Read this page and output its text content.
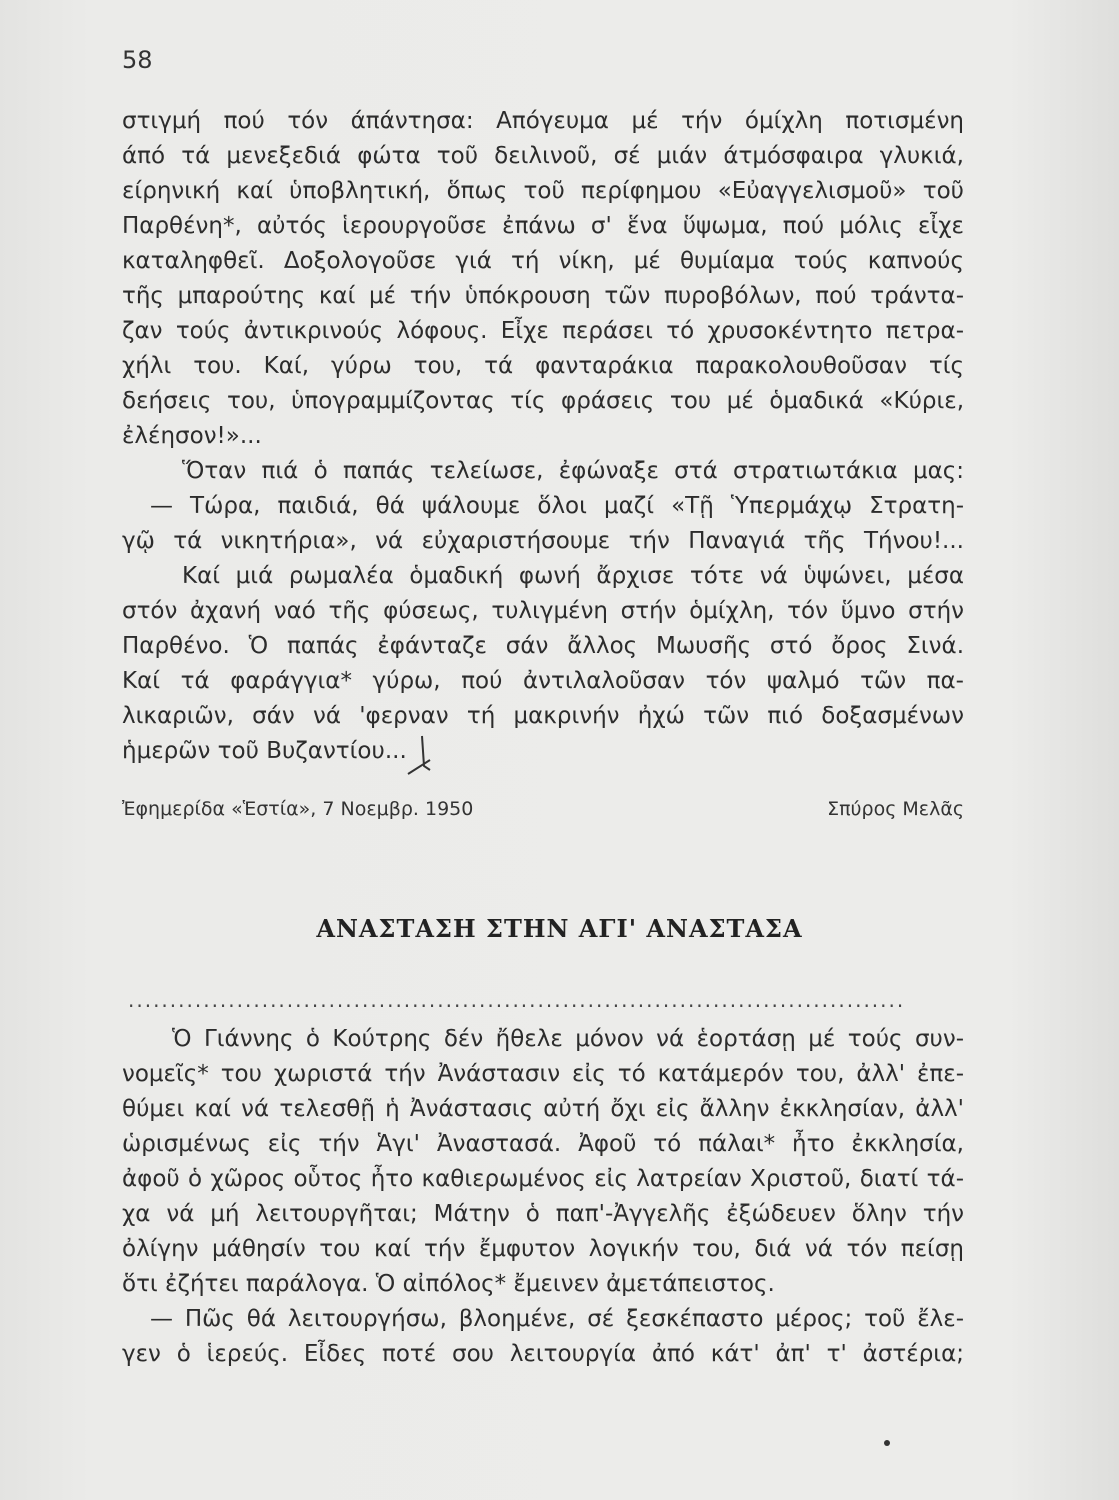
58
στιγμή πού τόν άπάντησα: Απόγευμα μέ τήν όμίχλη ποτισμένη
άπό τά μενεξεδιά φώτα τοῦ δειλινοῦ, σέ μιάν άτμόσφαιρα γλυκιά,
είρηνική καί ὑποβλητική, ὅπως τοῦ περίφημου «Εὐαγγελισμοῦ» τοῦ
Παρθένη*, αὐτός ἱερουργοῦσε ἐπάνω σ' ἕνα ὕψωμα, πού μόλις εἶχε
καταληφθεῖ. Δοξολογοῦσε γιά τή νίκη, μέ θυμίαμα τούς καπνούς
τῆς μπαρούτης καί μέ τήν ὑπόκρουση τῶν πυροβόλων, πού τράντα-
ζαν τούς ἀντικρινούς λόφους. Εἶχε περάσει τό χρυσοκέντητο πετρα-
χήλι του. Καί, γύρω του, τά φανταράκια παρακολουθοῦσαν τίς
δεήσεις του, ὑπογραμμίζοντας τίς φράσεις του μέ ὁμαδικά «Κύριε,
ἐλέησον!»...
Ὅταν πιά ὁ παπάς τελείωσε, ἐφώναξε στά στρατιωτάκια μας:
— Τώρα, παιδιά, θά ψάλουμε ὅλοι μαζί «Τῇ Ὑπερμάχῳ Στρατη-
γῷ τά νικητήρια», νά εὐχαριστήσουμε τήν Παναγιά τῆς Τήνου!...
Καί μιά ρωμαλέα ὁμαδική φωνή ἄρχισε τότε νά ὑψώνει, μέσα
στόν ἀχανή ναό τῆς φύσεως, τυλιγμένη στήν ὁμίχλη, τόν ὕμνο στήν
Παρθένο. Ὁ παπάς ἐφάνταζε σάν ἄλλος Μωυσῆς στό ὄρος Σινά.
Καί τά φαράγγια* γύρω, πού ἀντιλαλοῦσαν τόν ψαλμό τῶν πα-
λικαριῶν, σάν νά 'φερναν τή μακρινήν ἠχώ τῶν πιό δοξασμένων
ἡμερῶν τοῦ Βυζαντίου...
Ἐφημερίδα «Ἑστία», 7 Νοεμβρ. 1950	Σπύρος Μελᾶς
ΑΝΑΣΤΑΣΗ ΣΤΗΝ ΑΓΙ' ΑΝΑΣΤΑΣΑ
.............................................................................................
Ὁ Γιάννης ὁ Κούτρης δέν ἤθελε μόνον νά ἑορτάσῃ μέ τούς συν-
νομεῖς* του χωριστά τήν Ἀνάστασιν εἰς τό κατάμερόν του, ἀλλ' ἐπε-
θύμει καί νά τελεσθῇ ἡ Ἀνάστασις αὐτή ὄχι εἰς ἄλλην ἐκκλησίαν, ἀλλ'
ὡρισμένως εἰς τήν Ἁγι' Ἀναστασά. Ἀφοῦ τό πάλαι* ἦτο ἐκκλησία,
ἀφοῦ ὁ χῶρος οὗτος ἦτο καθιερωμένος εἰς λατρείαν Χριστοῦ, διατί τά-
χα νά μή λειτουργῆται; Μάτην ὁ παπ'-Ἀγγελῆς ἐξώδευεν ὅλην τήν
ὀλίγην μάθησίν του καί τήν ἔμφυτον λογικήν του, διά νά τόν πείσῃ
ὅτι ἐζήτει παράλογα. Ὁ αἰπόλος* ἔμεινεν ἀμετάπειστος.
— Πῶς θά λειτουργήσω, βλοημένε, σέ ξεσκέπαστο μέρος; τοῦ ἔλε-
γεν ὁ ἱερεύς. Εἶδες ποτέ σου λειτουργία ἀπό κάτ' ἀπ' τ' ἀστέρια;
